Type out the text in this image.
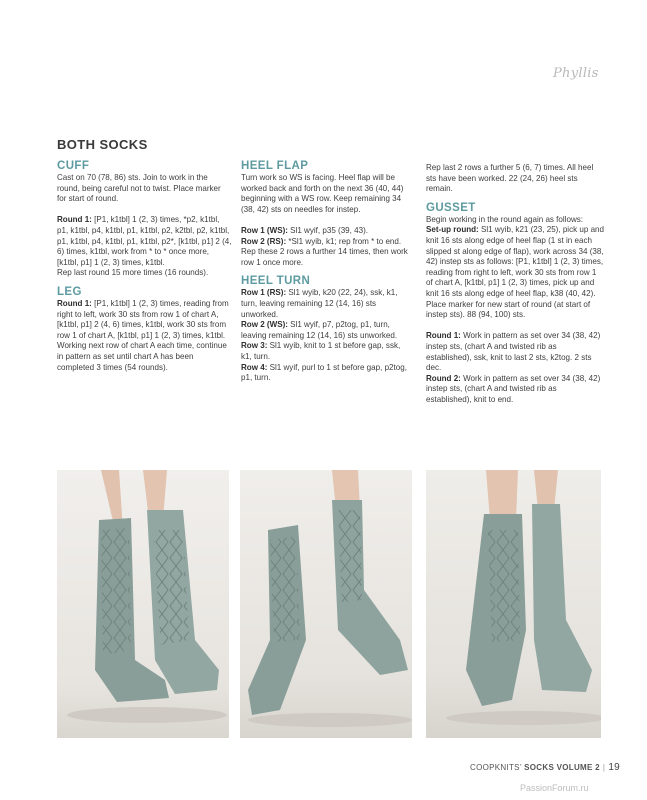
Phyllis
BOTH SOCKS
CUFF

Cast on 70 (78, 86) sts. Join to work in the round, being careful not to twist. Place marker for start of round.

Round 1: [P1, k1tbl] 1 (2, 3) times, *p2, k1tbl, p1, k1tbl, p4, k1tbl, p1, k1tbl, p2, k2tbl, p2, k1tbl, p1, k1tbl, p4, k1tbl, p1, k1tbl, p2*, [k1tbl, p1] 2 (4, 6) times, k1tbl, work from * to * once more, [k1tbl, p1] 1 (2, 3) times, k1tbl.

Rep last round 15 more times (16 rounds).

LEG

Round 1: [P1, k1tbl] 1 (2, 3) times, reading from right to left, work 30 sts from row 1 of chart A, [k1tbl, p1] 2 (4, 6) times, k1tbl, work 30 sts from row 1 of chart A, [k1tbl, p1] 1 (2, 3) times, k1tbl.

Working next row of chart A each time, continue in pattern as set until chart A has been completed 3 times (54 rounds).

HEEL FLAP

Turn work so WS is facing. Heel flap will be worked back and forth on the next 36 (40, 44) beginning with a WS row. Keep remaining 34 (38, 42) sts on needles for instep.

Row 1 (WS): Sl1 wyif, p35 (39, 43).

Row 2 (RS): *Sl1 wyib, k1; rep from * to end.

Rep these 2 rows a further 14 times, then work row 1 once more.

HEEL TURN

Row 1 (RS): Sl1 wyib, k20 (22, 24), ssk, k1, turn, leaving remaining 12 (14, 16) sts unworked.

Row 2 (WS): Sl1 wyif, p7, p2tog, p1, turn, leaving remaining 12 (14, 16) sts unworked.

Row 3: Sl1 wyib, knit to 1 st before gap, ssk, k1, turn.

Row 4: Sl1 wyif, purl to 1 st before gap, p2tog, p1, turn.

Rep last 2 rows a further 5 (6, 7) times. All heel sts have been worked. 22 (24, 26) heel sts remain.

GUSSET

Begin working in the round again as follows:

Set-up round: Sl1 wyib, k21 (23, 25), pick up and knit 16 sts along edge of heel flap (1 st in each slipped st along edge of flap), work across 34 (38, 42) instep sts as follows: [P1, k1tbl] 1 (2, 3) times, reading from right to left, work 30 sts from row 1 of chart A, [k1tbl, p1] 1 (2, 3) times, pick up and knit 16 sts along edge of heel flap, k38 (40, 42). Place marker for new start of round (at start of instep sts). 88 (94, 100) sts.

Round 1: Work in pattern as set over 34 (38, 42) instep sts, (chart A and twisted rib as established), ssk, knit to last 2 sts, k2tog. 2 sts dec.

Round 2: Work in pattern as set over 34 (38, 42) instep sts, (chart A and twisted rib as established), knit to end.

COOPKNITS’ SOCKS VOLUME 2 | 19
PassionForum.ru
